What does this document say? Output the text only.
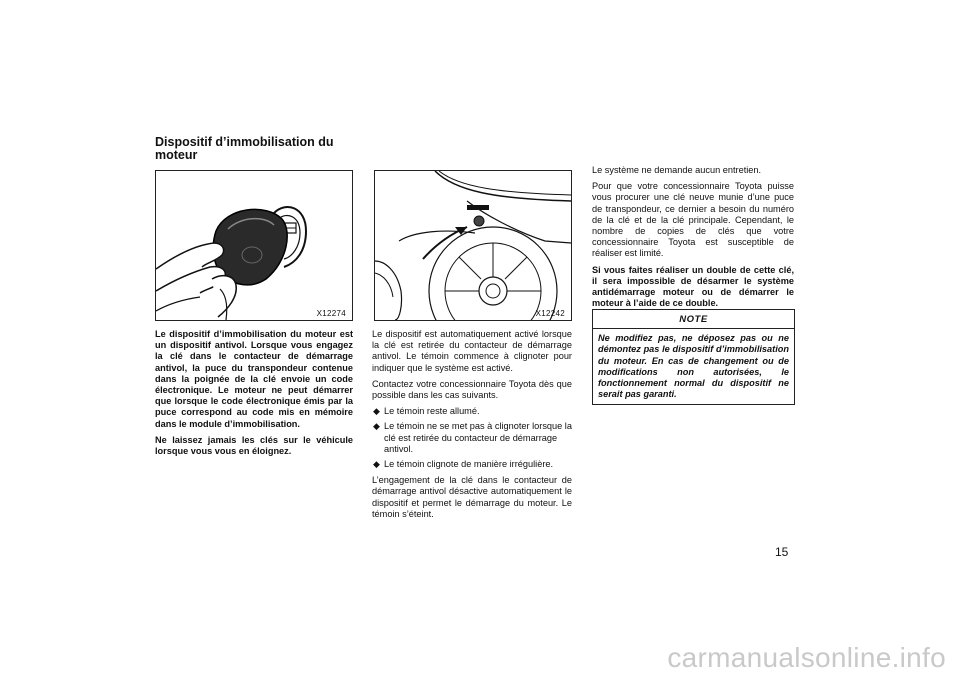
Dispositif d’immobilisation du moteur
X12274	X12242

Le dispositif d’immobilisation du moteur est un dispositif antivol. Lorsque vous engagez la clé dans le contacteur de démarrage antivol, la puce du transpondeur contenue dans la poignée de la clé envoie un code électronique. Le moteur ne peut démarrer que lorsque le code électronique émis par la puce correspond au code mis en mémoire dans le module d’immobilisation.

Ne laissez jamais les clés sur le véhicule lorsque vous vous en éloignez.

Le dispositif est automatiquement activé lorsque la clé est retirée du contacteur de démarrage antivol. Le témoin commence à clignoter pour indiquer que le système est activé.

Contactez votre concessionnaire Toyota dès que possible dans les cas suivants.

◆ Le témoin reste allumé.
◆ Le témoin ne se met pas à clignoter lorsque la clé est retirée du contacteur de démarrage antivol.
◆ Le témoin clignote de manière irrégulière.

L’engagement de la clé dans le contacteur de démarrage antivol désactive automatiquement le dispositif et permet le démarrage du moteur. Le témoin s’éteint.

Le système ne demande aucun entretien.

Pour que votre concessionnaire Toyota puisse vous procurer une clé neuve munie d’une puce de transpondeur, ce dernier a besoin du numéro de la clé et de la clé principale. Cependant, le nombre de copies de clés que votre concessionnaire Toyota est susceptible de réaliser est limité.

Si vous faites réaliser un double de cette clé, il sera impossible de désarmer le système antidémarrage moteur ou de démarrer le moteur à l’aide de ce double.

NOTE
Ne modifiez pas, ne déposez pas ou ne démontez pas le dispositif d’immobilisation du moteur. En cas de changement ou de modifications non autorisées, le fonctionnement normal du dispositif ne serait pas garanti.
15
carmanualsonline.info
